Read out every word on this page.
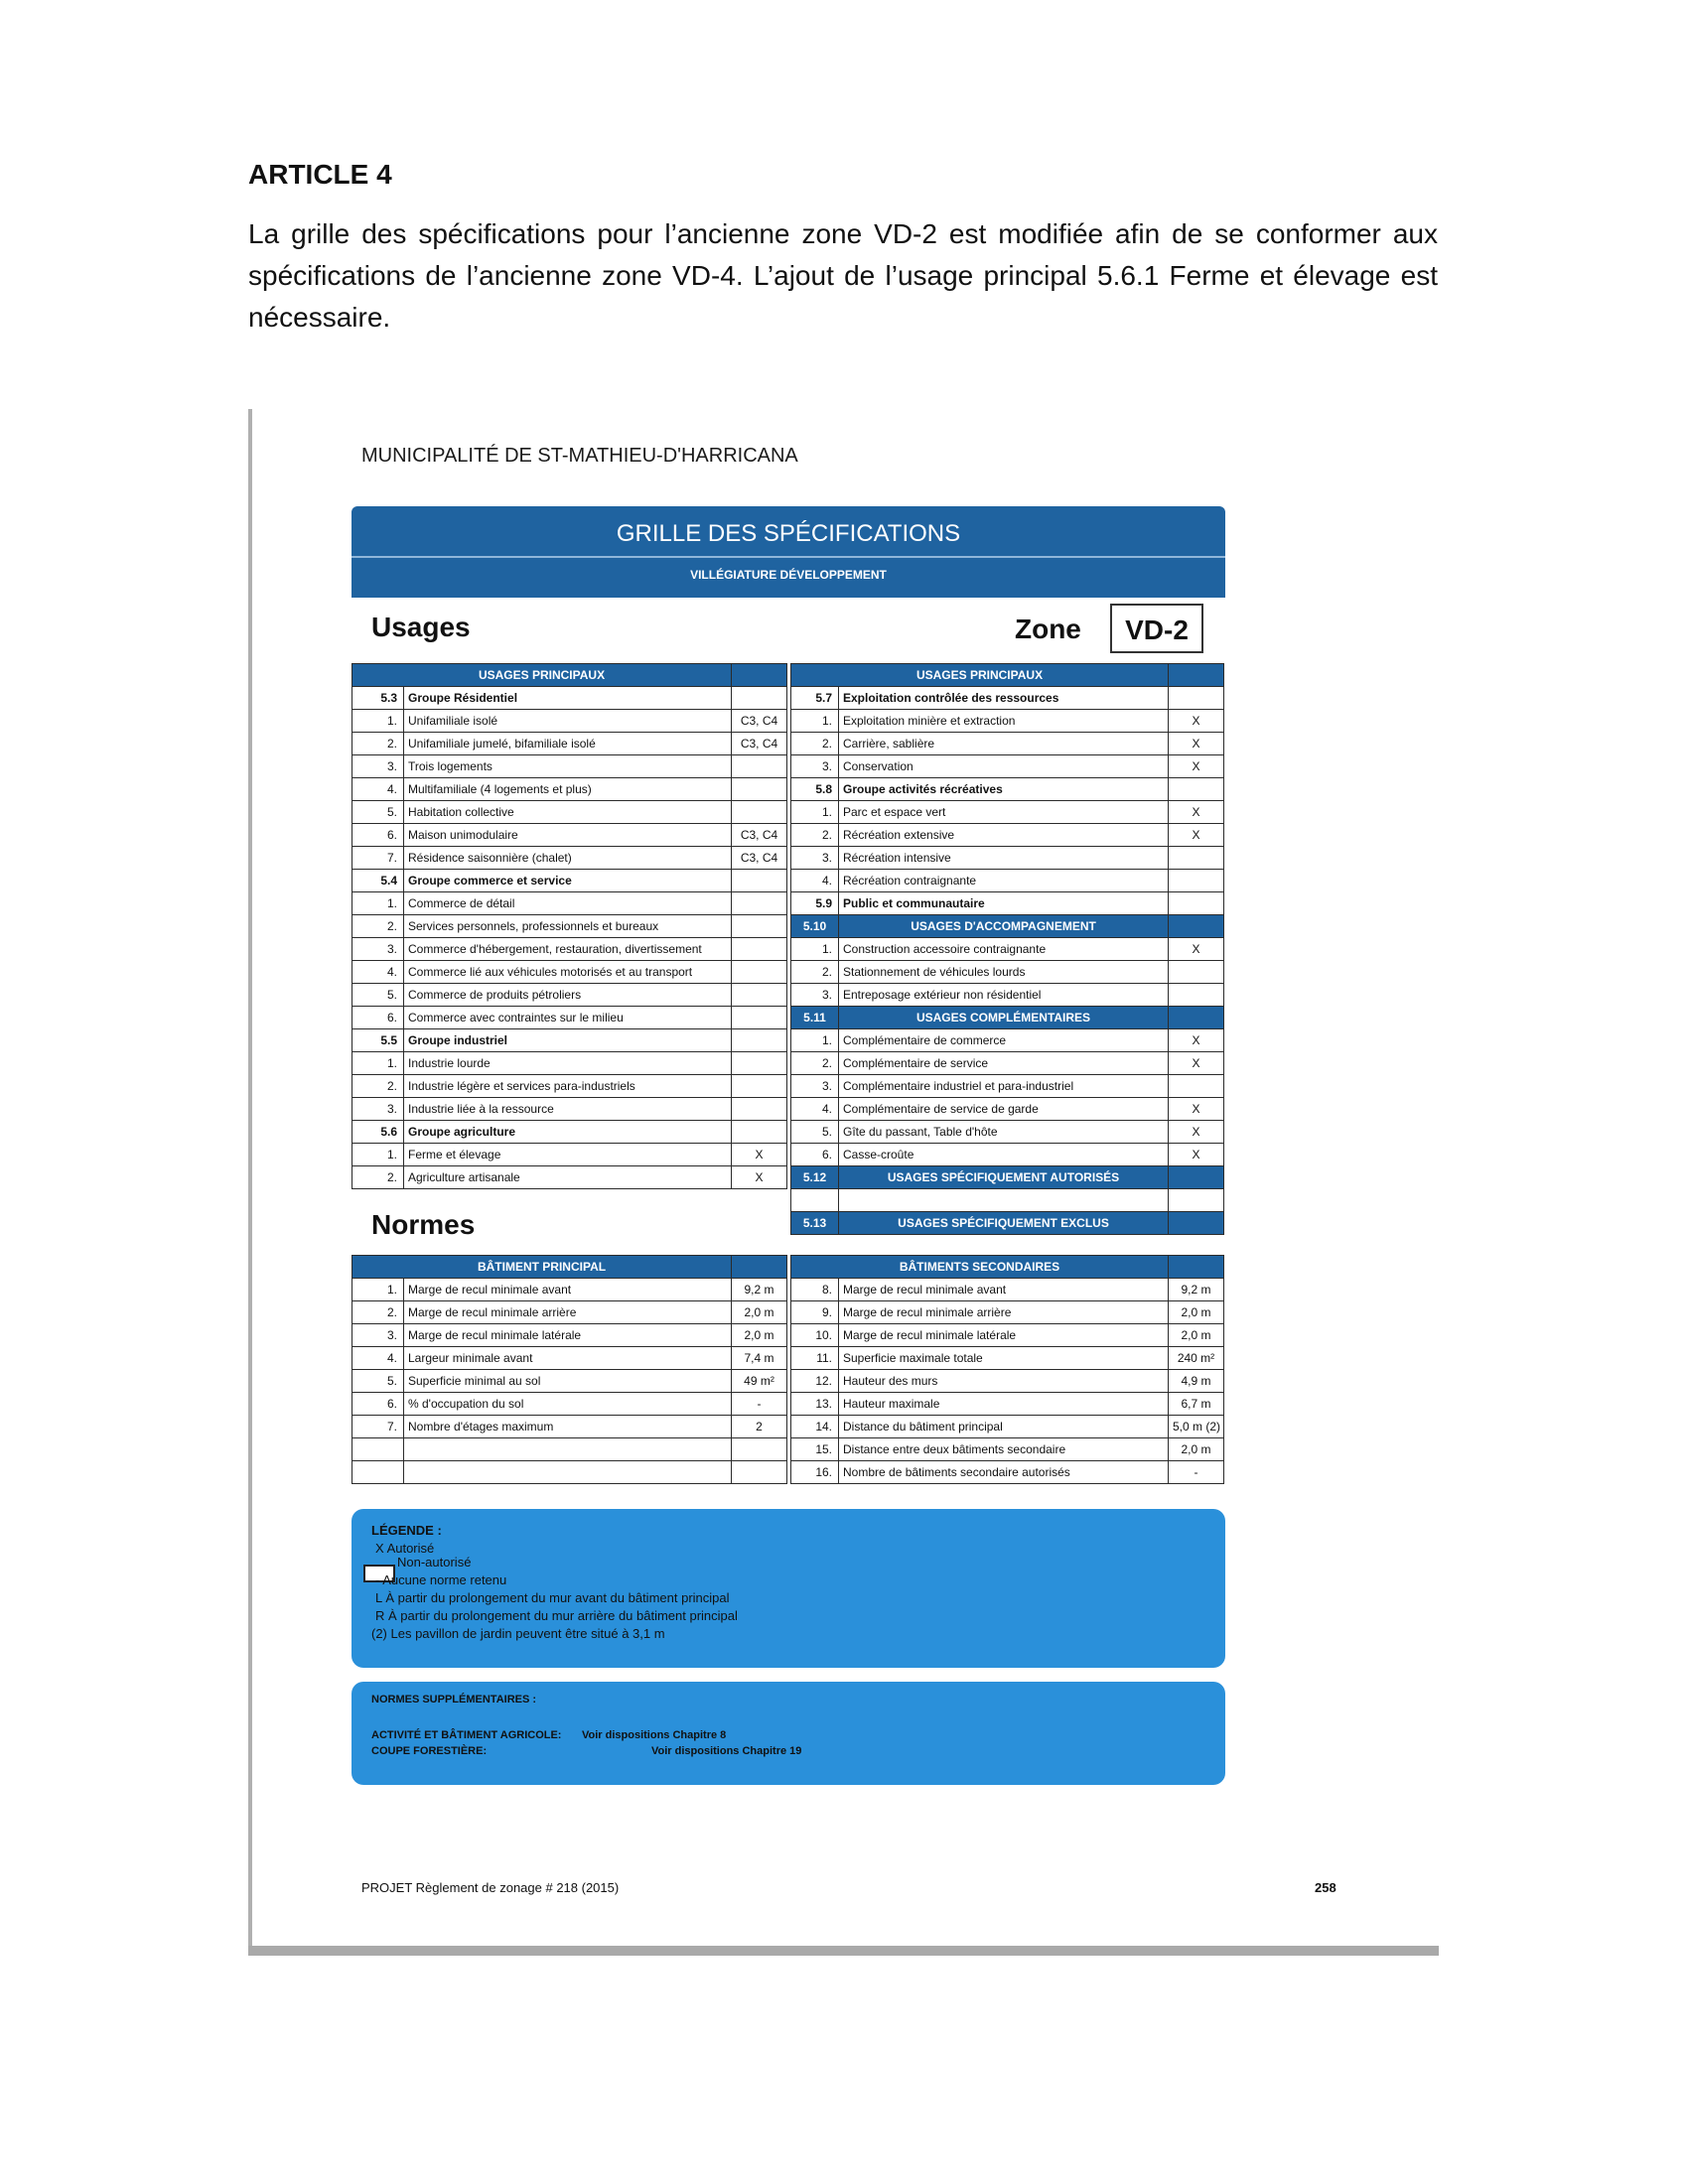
ARTICLE 4
La grille des spécifications pour l’ancienne zone VD-2 est modifiée afin de se conformer aux spécifications de l’ancienne zone VD-4. L’ajout de l’usage principal 5.6.1 Ferme et élevage est nécessaire.
MUNICIPALITÉ DE ST-MATHIEU-D'HARRICANA
GRILLE DES SPÉCIFICATIONS
VILLÉGIATURE DÉVELOPPEMENT
Usages	Zone	VD-2
USAGES PRINCIPAUX		
5.3	Groupe Résidentiel	
1.	Unifamiliale isolé	C3, C4
2.	Unifamiliale jumelé, bifamiliale isolé	C3, C4
3.	Trois logements	
4.	Multifamiliale (4 logements et plus)	
5.	Habitation collective	
6.	Maison unimodulaire	C3, C4
7.	Résidence saisonnière (chalet)	C3, C4
5.4	Groupe commerce et service	
1.	Commerce de détail	
2.	Services personnels, professionnels et bureaux	
3.	Commerce d'hébergement, restauration, divertissement	
4.	Commerce lié aux véhicules motorisés et au transport	
5.	Commerce de produits pétroliers	
6.	Commerce avec contraintes sur le milieu	
5.5	Groupe industriel	
1.	Industrie lourde	
2.	Industrie légère et services para-industriels	
3.	Industrie liée à la ressource	
5.6	Groupe agriculture	
1.	Ferme et élevage	X
2.	Agriculture artisanale	X
USAGES PRINCIPAUX		
5.7	Exploitation contrôlée des ressources	
1.	Exploitation minière et extraction	X
2.	Carrière, sablière	X
3.	Conservation	X
5.8	Groupe activités récréatives	
1.	Parc et espace vert	X
2.	Récréation extensive	X
3.	Récréation intensive	
4.	Récréation contraignante	
5.9	Public et communautaire	
5.10	USAGES D'ACCOMPAGNEMENT	
1.	Construction accessoire contraignante	X
2.	Stationnement de véhicules lourds	
3.	Entreposage extérieur non résidentiel	
5.11	USAGES COMPLÉMENTAIRES	
1.	Complémentaire de commerce	X
2.	Complémentaire de service	X
3.	Complémentaire industriel et para-industriel	
4.	Complémentaire de service de garde	X
5.	Gîte du passant, Table d'hôte	X
6.	Casse-croûte	X
5.12	USAGES SPÉCIFIQUEMENT AUTORISÉS	

5.13	USAGES SPÉCIFIQUEMENT EXCLUS	
Normes
BÂTIMENT PRINCIPAL		
1.	Marge de recul minimale avant	9,2 m
2.	Marge de recul minimale arrière	2,0 m
3.	Marge de recul minimale latérale	2,0 m
4.	Largeur minimale avant	7,4 m
5.	Superficie minimal au sol	49 m²
6.	% d'occupation du sol	-
7.	Nombre d'étages maximum	2

BÂTIMENTS SECONDAIRES		
8.	Marge de recul minimale avant	9,2 m
9.	Marge de recul minimale arrière	2,0 m
10.	Marge de recul minimale latérale	2,0 m
11.	Superficie maximale totale	240 m²
12.	Hauteur des murs	4,9 m
13.	Hauteur maximale	6,7 m
14.	Distance du bâtiment principal	5,0 m (2)
15.	Distance entre deux bâtiments secondaire	2,0 m
16.	Nombre de bâtiments secondaire autorisés	-
LÉGENDE :
X Autorisé
Non-autorisé
- Aucune norme retenu
L À partir du prolongement du mur avant du bâtiment principal
R À partir du prolongement du mur arrière du bâtiment principal
(2) Les pavillon de jardin peuvent être situé à 3,1 m
NORMES SUPPLÉMENTAIRES :
ACTIVITÉ ET BÂTIMENT AGRICOLE: Voir dispositions Chapitre 8
COUPE FORESTIÈRE:	Voir dispositions Chapitre 19
PROJET Règlement de zonage # 218 (2015)	258
